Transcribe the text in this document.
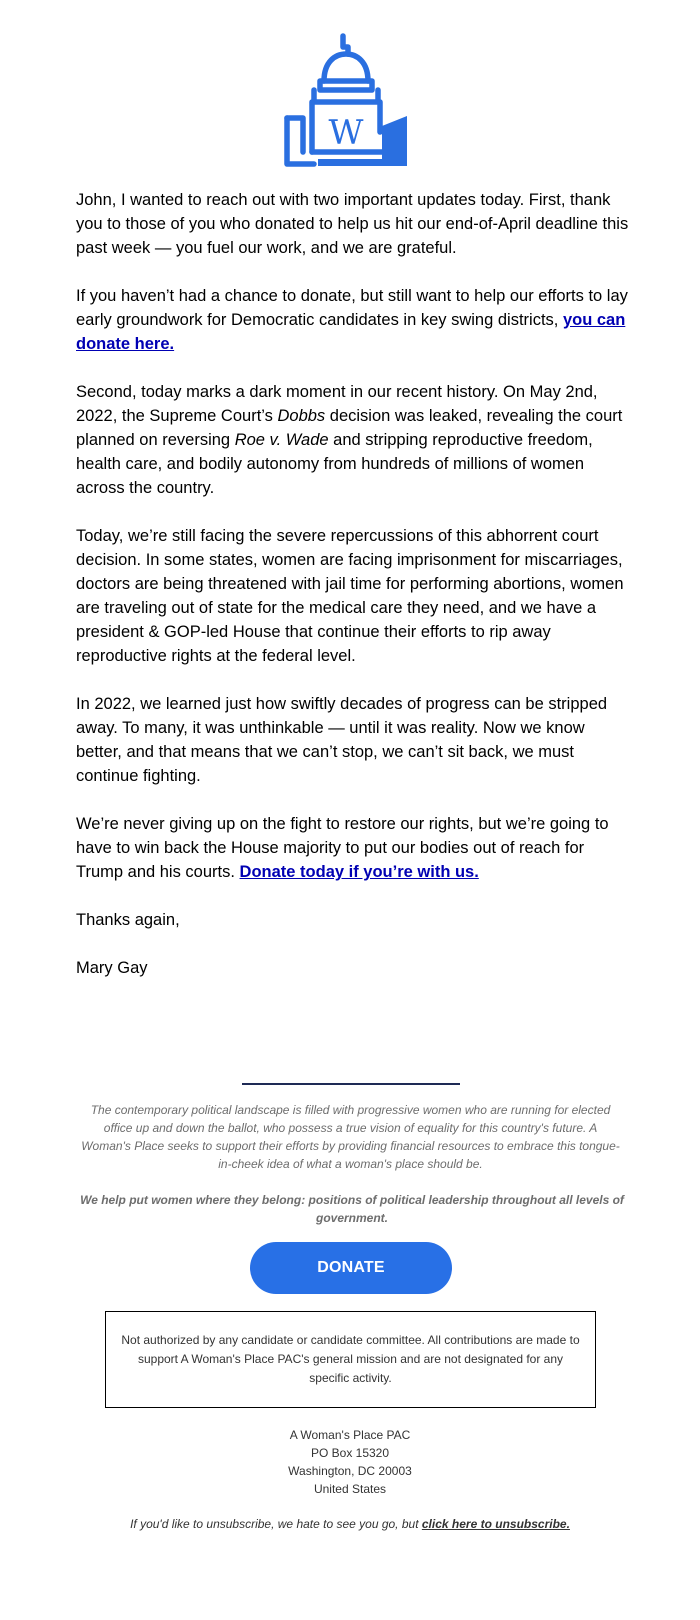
W

John, I wanted to reach out with two important updates today. First, thank you to those of you who donated to help us hit our end-of-April deadline this past week — you fuel our work, and we are grateful.

If you haven’t had a chance to donate, but still want to help our efforts to lay early groundwork for Democratic candidates in key swing districts, you can donate here.

Second, today marks a dark moment in our recent history. On May 2nd, 2022, the Supreme Court’s Dobbs decision was leaked, revealing the court planned on reversing Roe v. Wade and stripping reproductive freedom, health care, and bodily autonomy from hundreds of millions of women across the country.

Today, we’re still facing the severe repercussions of this abhorrent court decision. In some states, women are facing imprisonment for miscarriages, doctors are being threatened with jail time for performing abortions, women are traveling out of state for the medical care they need, and we have a president & GOP-led House that continue their efforts to rip away reproductive rights at the federal level.

In 2022, we learned just how swiftly decades of progress can be stripped away. To many, it was unthinkable — until it was reality. Now we know better, and that means that we can’t stop, we can’t sit back, we must continue fighting.

We’re never giving up on the fight to restore our rights, but we’re going to have to win back the House majority to put our bodies out of reach for Trump and his courts. Donate today if you’re with us.

Thanks again,

Mary Gay

The contemporary political landscape is filled with progressive women who are running for elected office up and down the ballot, who possess a true vision of equality for this country's future. A Woman's Place seeks to support their efforts by providing financial resources to embrace this tongue-in-cheek idea of what a woman's place should be.
We help put women where they belong: positions of political leadership throughout all levels of government.
DONATE
Not authorized by any candidate or candidate committee. All contributions are made to support A Woman's Place PAC's general mission and are not designated for any specific activity.
A Woman's Place PAC
PO Box 15320
Washington, DC 20003
United States
If you'd like to unsubscribe, we hate to see you go, but click here to unsubscribe.
